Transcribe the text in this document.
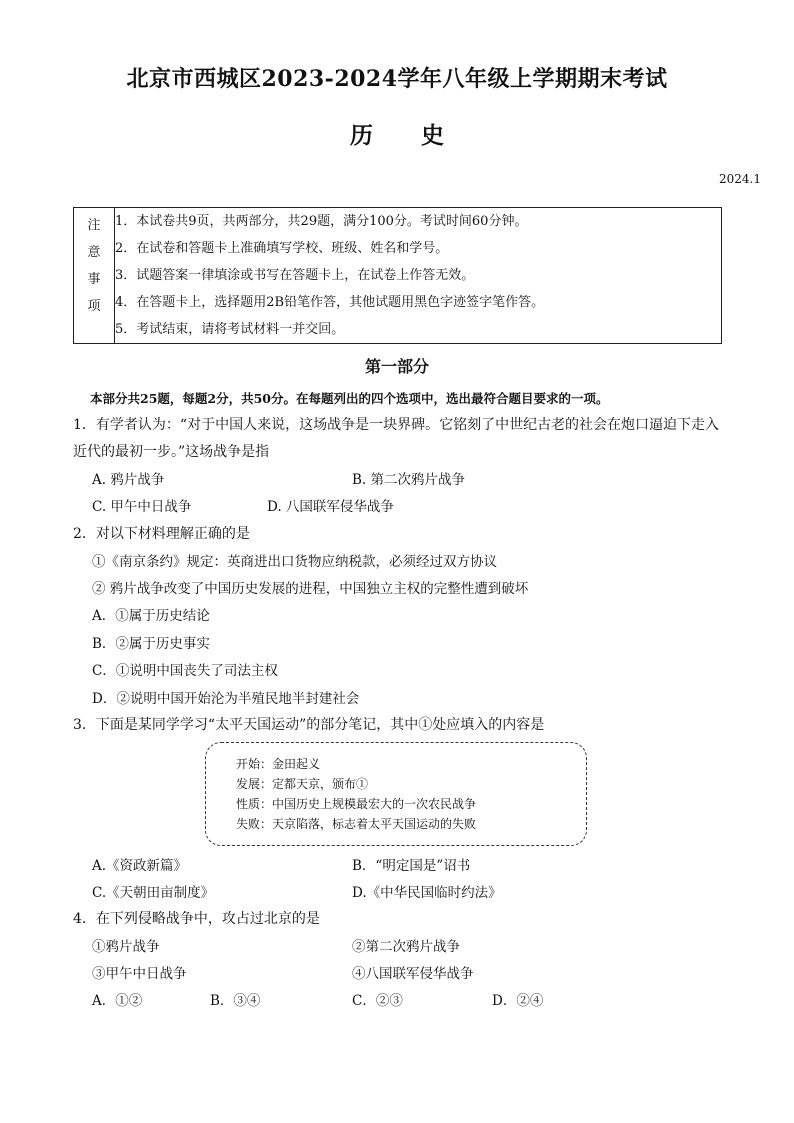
北京市西城区2023-2024学年八年级上学期期末考试
历史
2024.1
注
意
事
项

1．本试卷共9页，共两部分，共29题，满分100分。考试时间60分钟。
2．在试卷和答题卡上准确填写学校、班级、姓名和学号。
3．试题答案一律填涂或书写在答题卡上，在试卷上作答无效。
4．在答题卡上，选择题用2B铅笔作答，其他试题用黑色字迹签字笔作答。
5．考试结束，请将考试材料一并交回。
第一部分
本部分共25题，每题2分，共50分。在每题列出的四个选项中，选出最符合题目要求的一项。
1．有学者认为：“对于中国人来说，这场战争是一块界碑。它铭刻了中世纪古老的社会在炮口逼迫下走入近代的最初一步。”这场战争是指
A. 鸦片战争	B. 第二次鸦片战争
C. 甲午中日战争	D. 八国联军侵华战争
2．对以下材料理解正确的是
①《南京条约》规定：英商进出口货物应纳税款，必须经过双方协议
② 鸦片战争改变了中国历史发展的进程，中国独立主权的完整性遭到破坏
A．①属于历史结论
B．②属于历史事实
C．①说明中国丧失了司法主权
D．②说明中国开始沦为半殖民地半封建社会
3．下面是某同学学习“太平天国运动”的部分笔记，其中①处应填入的内容是
开始：金田起义
发展：定都天京，颁布①
性质：中国历史上规模最宏大的一次农民战争
失败：天京陷落，标志着太平天国运动的失败
A.《资政新篇》	B．“明定国是”诏书
C.《天朝田亩制度》	D.《中华民国临时约法》
4．在下列侵略战争中，攻占过北京的是
①鸦片战争	②第二次鸦片战争
③甲午中日战争	④八国联军侵华战争
A．①②	B．③④	C．②③	D．②④
